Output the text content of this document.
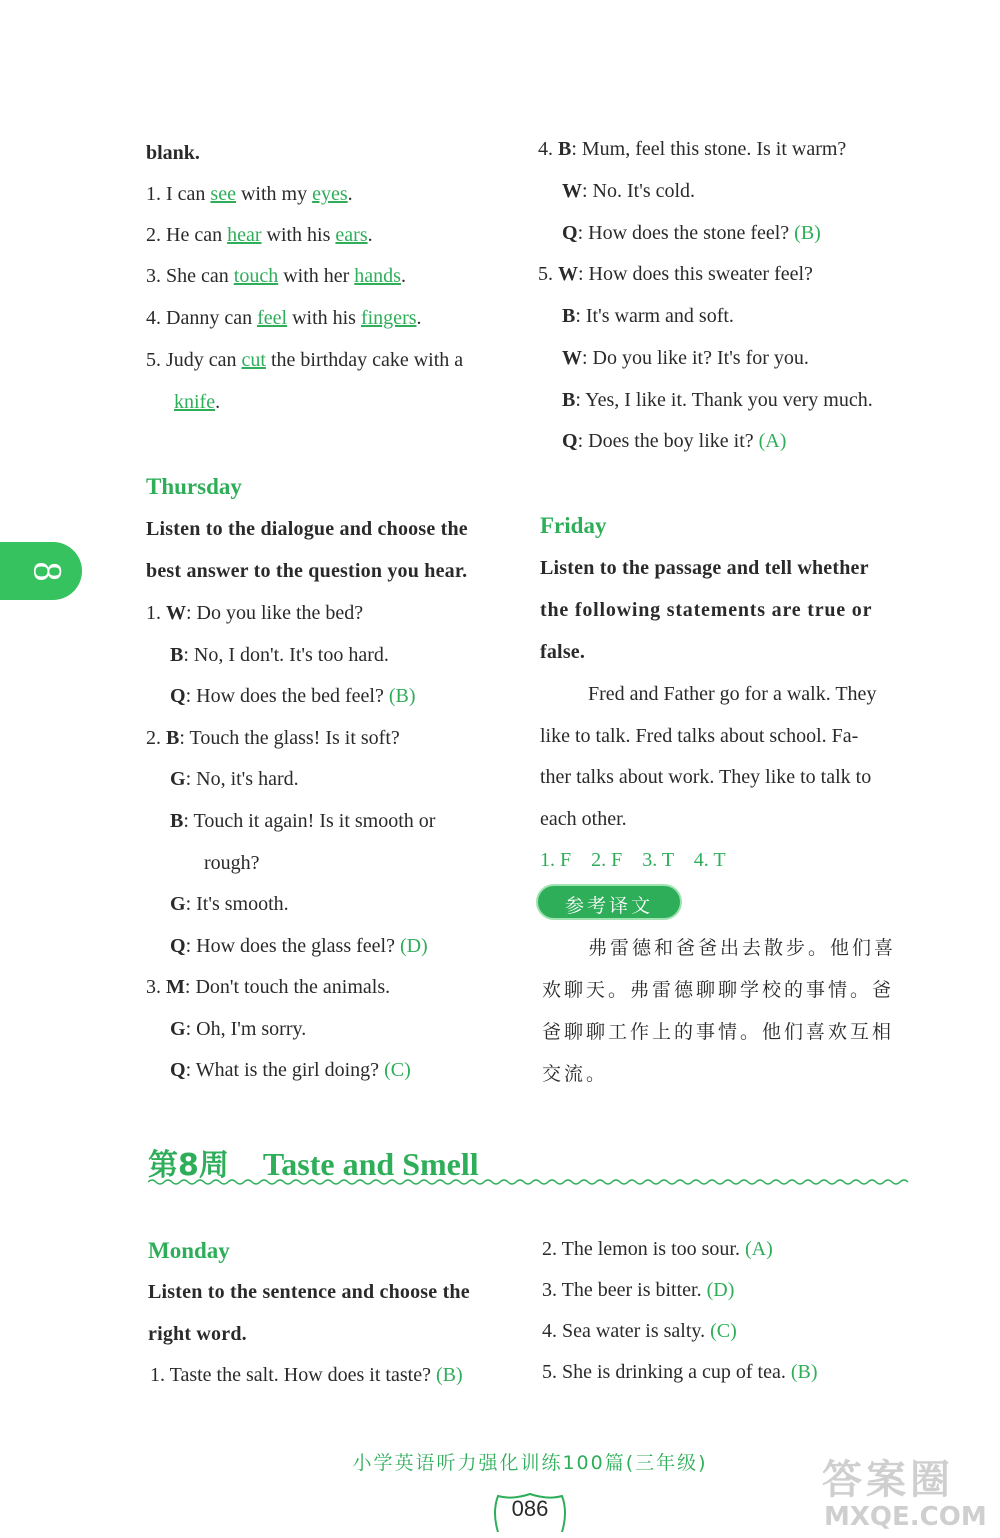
blank.
1. I can see with my eyes.
2. He can hear with his ears.
3. She can touch with her hands.
4. Danny can feel with his fingers.
5. Judy can cut the birthday cake with a
knife.
Thursday
Listen to the dialogue and choose the
best answer to the question you hear.
1. W: Do you like the bed?
B: No, I don't. It's too hard.
Q: How does the bed feel? (B)
2. B: Touch the glass! Is it soft?
G: No, it's hard.
B: Touch it again! Is it smooth or
rough?
G: It's smooth.
Q: How does the glass feel? (D)
3. M: Don't touch the animals.
G: Oh, I'm sorry.
Q: What is the girl doing? (C)
4. B: Mum, feel this stone. Is it warm?
W: No. It's cold.
Q: How does the stone feel? (B)
5. W: How does this sweater feel?
B: It's warm and soft.
W: Do you like it? It's for you.
B: Yes, I like it. Thank you very much.
Q: Does the boy like it? (A)
Friday
Listen to the passage and tell whether
the following statements are true or
false.
Fred and Father go for a walk. They
like to talk. Fred talks about school. Fa-
ther talks about work. They like to talk to
each other.
1. F    2. F    3. T    4. T
参考译文
弗雷德和爸爸出去散步。他们喜
欢聊天。弗雷德聊聊学校的事情。爸
爸聊聊工作上的事情。他们喜欢互相
交流。
8
第8周 Taste and Smell
Monday
Listen to the sentence and choose the
right word.
1. Taste the salt. How does it taste? (B)
2. The lemon is too sour. (A)
3. The beer is bitter. (D)
4. Sea water is salty. (C)
5. She is drinking a cup of tea. (B)
小学英语听力强化训练100篇(三年级)
086
答案圈
MXQE.COM
